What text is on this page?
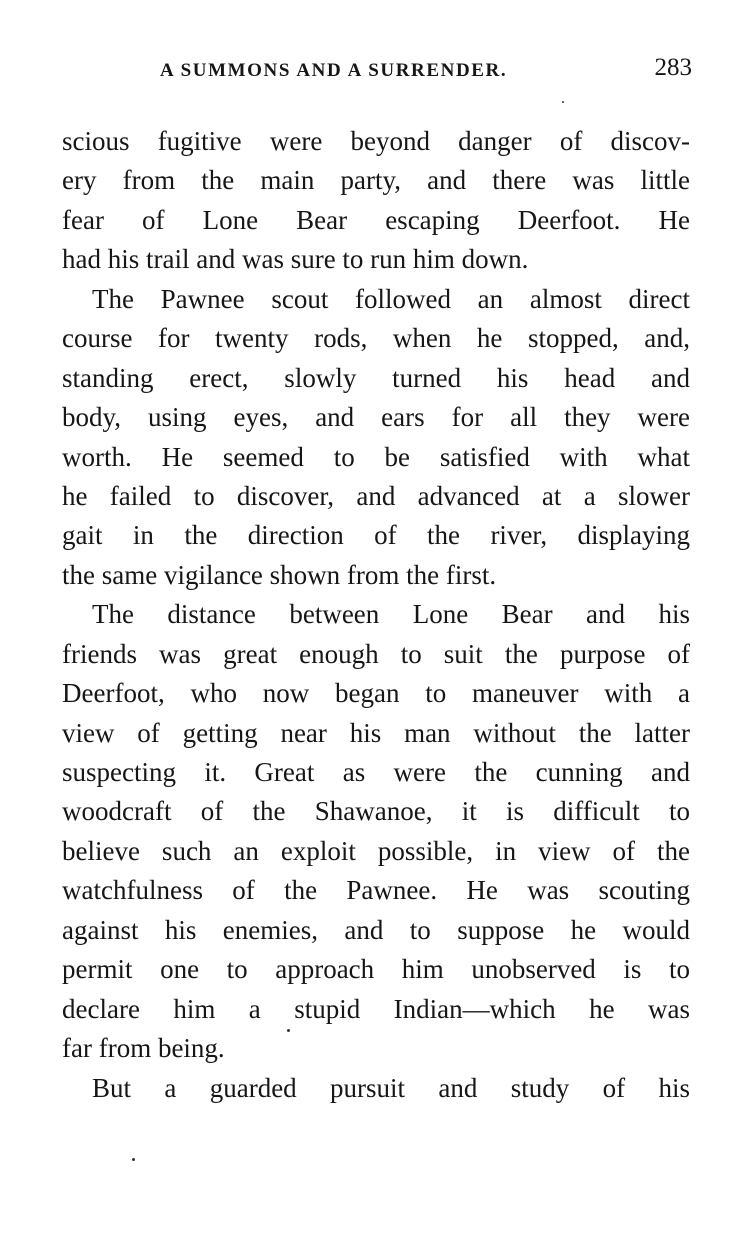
A SUMMONS AND A SURRENDER.	283
scious fugitive were beyond danger of discov-
ery from the main party, and there was little
fear of Lone Bear escaping Deerfoot. He
had his trail and was sure to run him down.
The Pawnee scout followed an almost direct
course for twenty rods, when he stopped, and,
standing erect, slowly turned his head and
body, using eyes, and ears for all they were
worth. He seemed to be satisfied with what
he failed to discover, and advanced at a slower
gait in the direction of the river, displaying
the same vigilance shown from the first.
The distance between Lone Bear and his
friends was great enough to suit the purpose of
Deerfoot, who now began to maneuver with a
view of getting near his man without the latter
suspecting it. Great as were the cunning and
woodcraft of the Shawanoe, it is difficult to
believe such an exploit possible, in view of the
watchfulness of the Pawnee. He was scouting
against his enemies, and to suppose he would
permit one to approach him unobserved is to
declare him a stupid Indian—which he was
far from being.
But a guarded pursuit and study of his
